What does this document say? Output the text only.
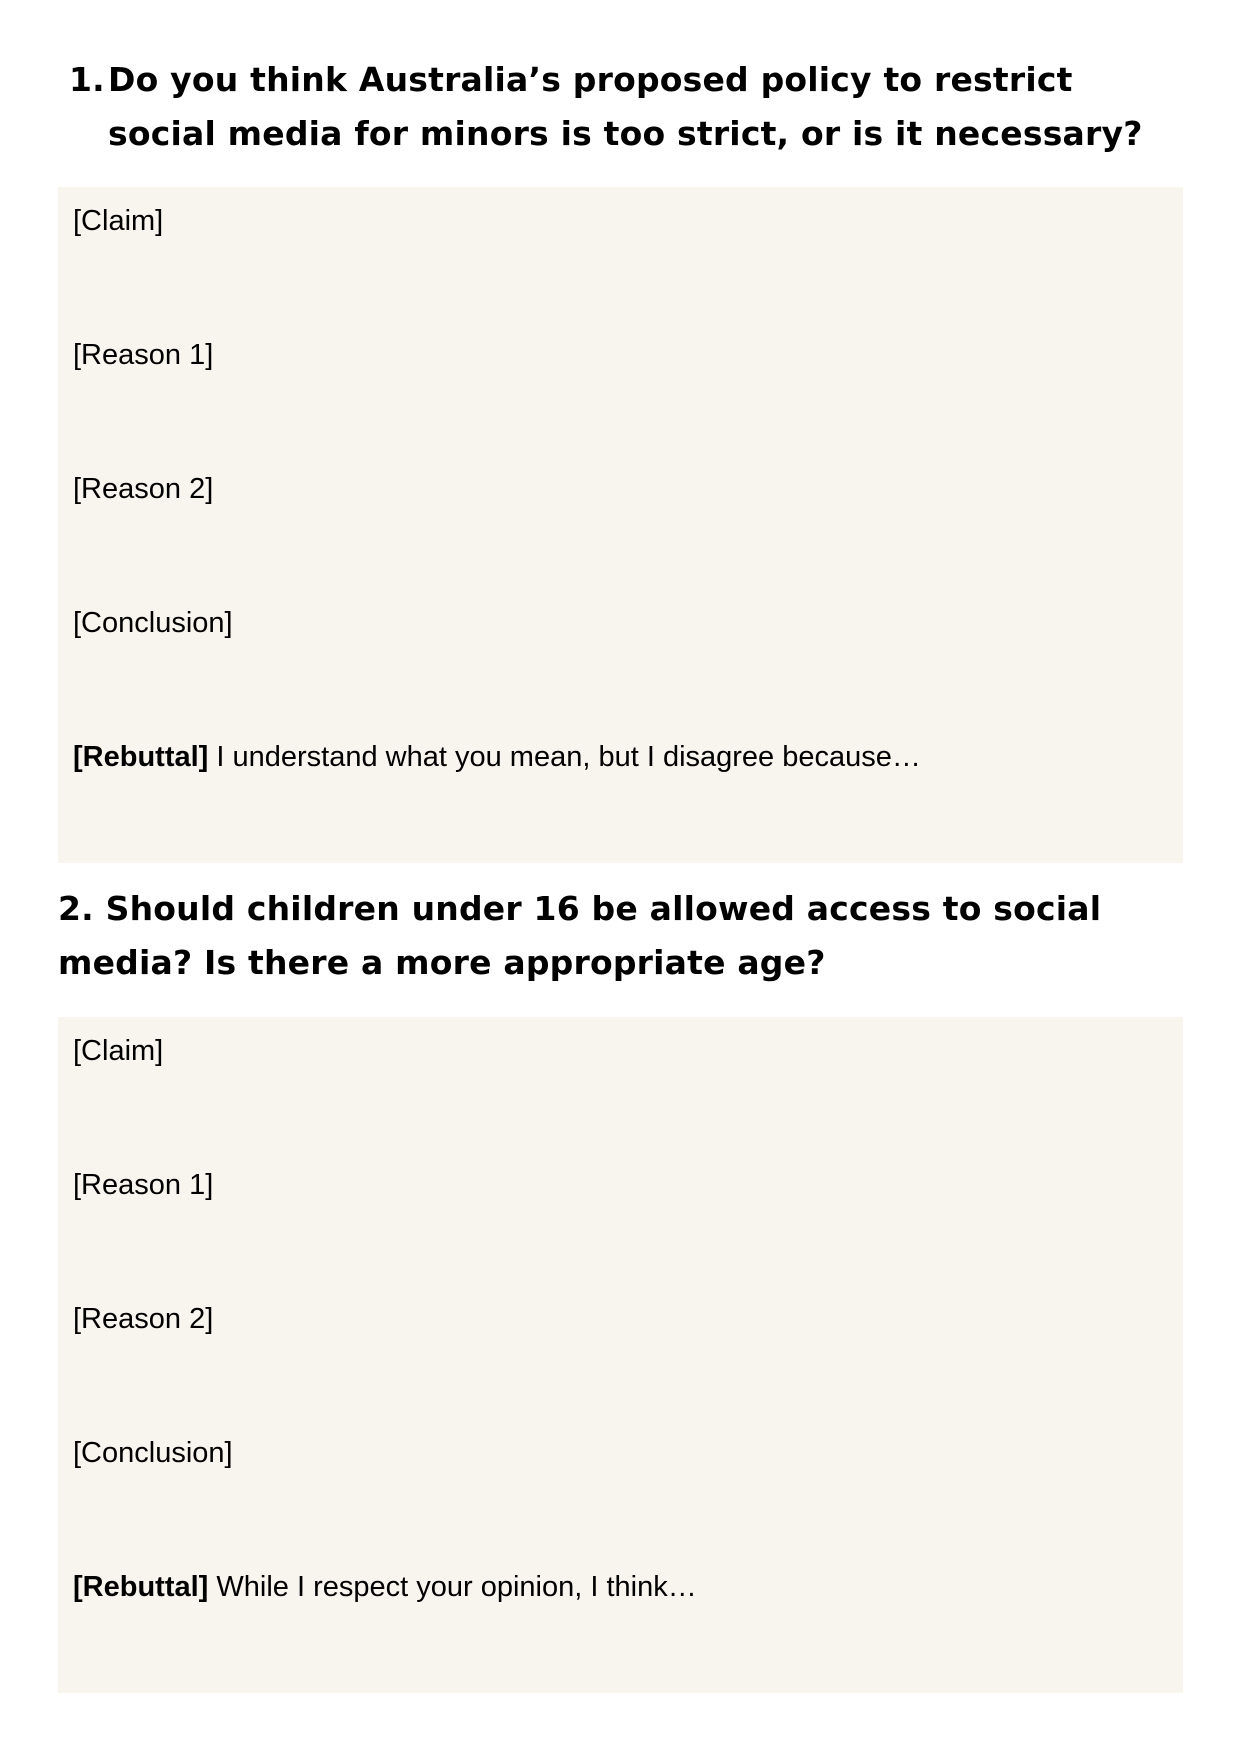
1. Do you think Australia’s proposed policy to restrict social media for minors is too strict, or is it necessary?
[Claim]
[Reason 1]
[Reason 2]
[Conclusion]
[Rebuttal] I understand what you mean, but I disagree because…
2. Should children under 16 be allowed access to social media? Is there a more appropriate age?
[Claim]
[Reason 1]
[Reason 2]
[Conclusion]
[Rebuttal] While I respect your opinion, I think…
